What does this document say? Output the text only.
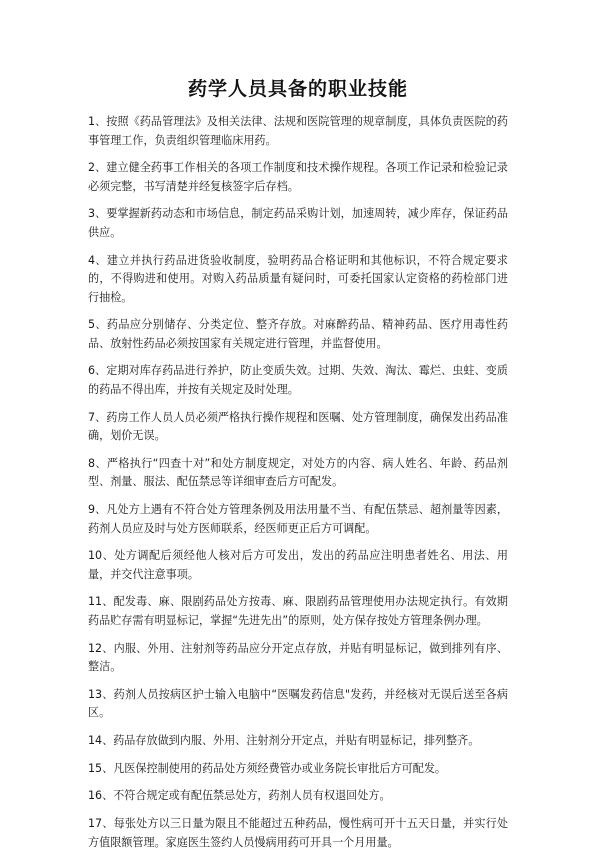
药学人员具备的职业技能
1、按照《药品管理法》及相关法律、法规和医院管理的规章制度，具体负责医院的药事管理工作，负责组织管理临床用药。
2、建立健全药事工作相关的各项工作制度和技术操作规程。各项工作记录和检验记录必须完整，书写清楚并经复核签字后存档。
3、要掌握新药动态和市场信息，制定药品采购计划，加速周转，减少库存，保证药品供应。
4、建立并执行药品进货验收制度，验明药品合格证明和其他标识，不符合规定要求的，不得购进和使用。对购入药品质量有疑问时，可委托国家认定资格的药检部门进行抽检。
5、药品应分别储存、分类定位、整齐存放。对麻醉药品、精神药品、医疗用毒性药品、放射性药品必须按国家有关规定进行管理，并监督使用。
6、定期对库存药品进行养护，防止变质失效。过期、失效、淘汰、霉烂、虫蛀、变质的药品不得出库，并按有关规定及时处理。
7、药房工作人员人员必须严格执行操作规程和医嘱、处方管理制度，确保发出药品准确，划价无误。
8、严格执行“四查十对”和处方制度规定，对处方的内容、病人姓名、年龄、药品剂型、剂量、服法、配伍禁忌等详细审查后方可配发。
9、凡处方上遇有不符合处方管理条例及用法用量不当、有配伍禁忌、超剂量等因素，药剂人员应及时与处方医师联系，经医师更正后方可调配。
10、处方调配后须经他人核对后方可发出，发出的药品应注明患者姓名、用法、用量，并交代注意事项。
11、配发毒、麻、限剧药品处方按毒、麻、限剧药品管理使用办法规定执行。有效期药品贮存需有明显标记，掌握“先进先出”的原则，处方保存按处方管理条例办理。
12、内服、外用、注射剂等药品应分开定点存放，并贴有明显标记，做到排列有序、整洁。
13、药剂人员按病区护士输入电脑中“医嘱发药信息"发药，并经核对无误后送至各病区。
14、药品存放做到内服、外用、注射剂分开定点，并贴有明显标记，排列整齐。
15、凡医保控制使用的药品处方须经费管办或业务院长审批后方可配发。
16、不符合规定或有配伍禁忌处方，药剂人员有权退回处方。
17、每张处方以三日量为限且不能超过五种药品，慢性病可开十五天日量，并实行处方值限额管理。家庭医生签约人员慢病用药可开具一个月用量。
